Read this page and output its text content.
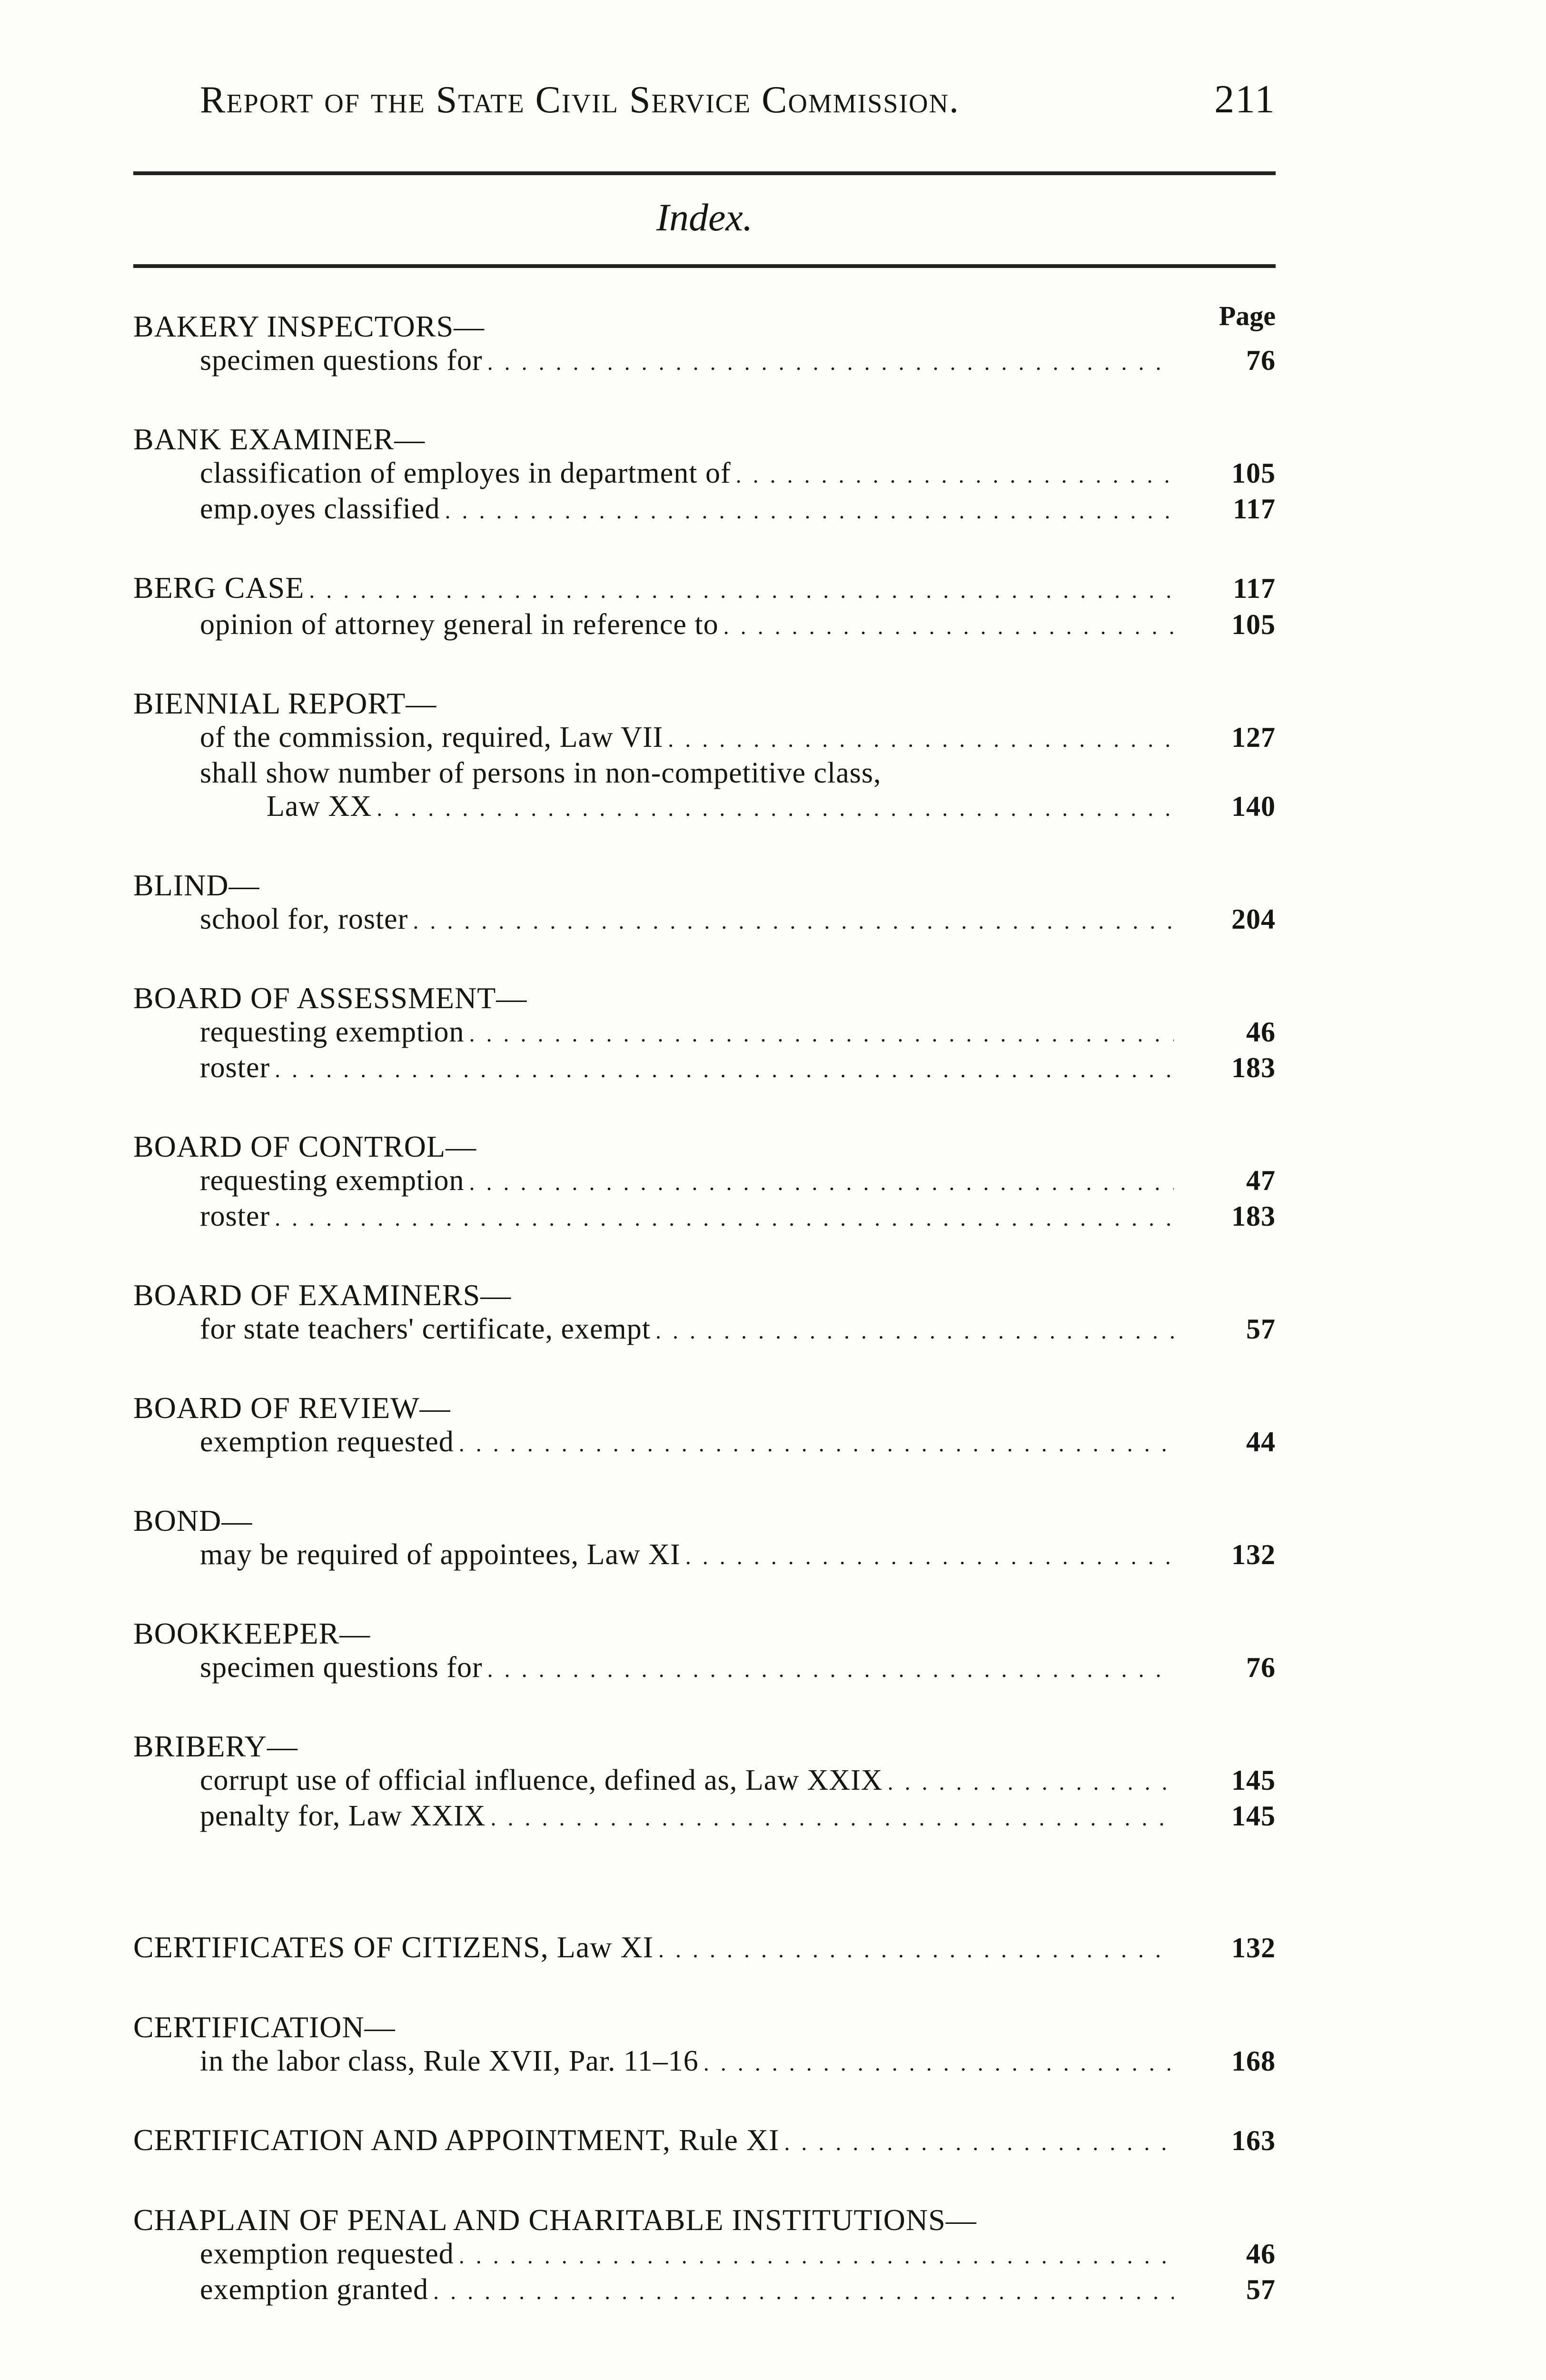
Report of the State Civil Service Commission.	211
Index.
Page
BAKERY INSPECTORS—
specimen questions for . . .	76
BANK EXAMINER—
classification of employes in department of . . .	105
emp.oyes classified . . .	117
BERG CASE . . .	117
opinion of attorney general in reference to . . .	105
BIENNIAL REPORT—
of the commission, required, Law VII . . .	127
shall show number of persons in non-competitive class,
Law XX . . .	140
BLIND—
school for, roster . . .	204
BOARD OF ASSESSMENT—
requesting exemption . . .	46
roster . . .	183
BOARD OF CONTROL—
requesting exemption . . .	47
roster . . .	183
BOARD OF EXAMINERS—
for state teachers' certificate, exempt . . .	57
BOARD OF REVIEW—
exemption requested . . .	44
BOND—
may be required of appointees, Law XI . . .	132
BOOKKEEPER—
specimen questions for . . .	76
BRIBERY—
corrupt use of official influence, defined as, Law XXIX . . .	145
penalty for, Law XXIX . . .	145
CERTIFICATES OF CITIZENS, Law XI . . .	132
CERTIFICATION—
in the labor class, Rule XVII, Par. 11–16 . . .	168
CERTIFICATION AND APPOINTMENT, Rule XI . . .	163
CHAPLAIN OF PENAL AND CHARITABLE INSTITUTIONS—
exemption requested . . .	46
exemption granted . . .	57
